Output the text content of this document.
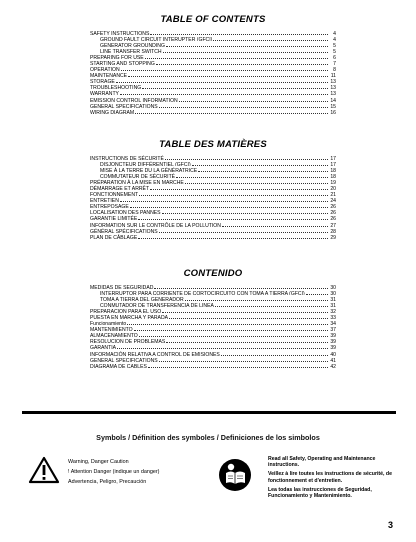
TABLE OF CONTENTS
SAFETY INSTRUCTIONS	4
GROUND FAULT CIRCUIT INTERUPTER (GFCI)	4
GENERATOR GROUNDING	5
LINE TRANSFER SWITCH	5
PREPARING FOR USE	6
STARTING AND STOPPING	7
OPERATION	8
MAINTENANCE	11
STORAGE	13
TROUBLESHOOTING	13
WARRANTY	13
EMISSION CONTROL INFORMATION	14
GENERAL SPECIFICATIONS	15
WIRING DIAGRAM	16
TABLE DES MATIÈRES
INSTRUCTIONS DE SÉCURITÉ	17
DISJONCTEUR DIFFÉRENTIEL (GFCI)	17
MISE À LA TERRE DU LA GÉNÉRATRICE	18
COMMUTATEUR DE SÉCURITÉ	18
PRÉPARATION À LA MISE EN MARCHE	19
DÉMARRAGE ET ARRÊT	20
FONCTIONNEMENT	21
ENTRETIEN	24
ENTREPOSAGE	26
LOCALISATION DES PANNES	26
GARANTIE LIMITÉE	26
INFORMATION SUR LE CONTRÔLE DE LA POLLUTION	27
GÉNÉRAL SPÉCIFICATIONS	28
PLAN DE CÂBLAGE	29
CONTENIDO
MEDIDAS DE SEGURIDAD	30
INTERRUPTOR PARA CORRIENTE DE CORTOCIRCUITO CON TOMA A TIERRA (GFCI)	30
TOMA A TIERRA DEL GENERADOR	31
CONMUTADOR DE TRANSFERENCIA DE LINEA	31
PREPARACION PARA EL USO	32
PUESTA EN MARCHA Y PARADA	33
Funcionamiento	34
MANTENIMIENTO	37
ALMACENAMIENTO	39
RESOLUCION DE PROBLEMAS	39
GARANTIA	39
INFORMACIÓN RELATIVA A CONTROL DE EMISIONES	40
GENERAL SPECIFICATIONS	41
DIAGRAMA DE CABLES	42
Symbols / Définition des symboles / Definiciones de los simbolos
Warning, Danger Caution
! Attention Danger (indique un danger)
Advertencia, Peligro, Precaución
Read all Safety, Operating and Maintenance instructions.
Veillez à lire toutes les instructions de sécurité, de fonctionnement et d'entretien.
Lea todas las instrucciones de Seguridad, Funcionamiento y Mantenimiento.
3
